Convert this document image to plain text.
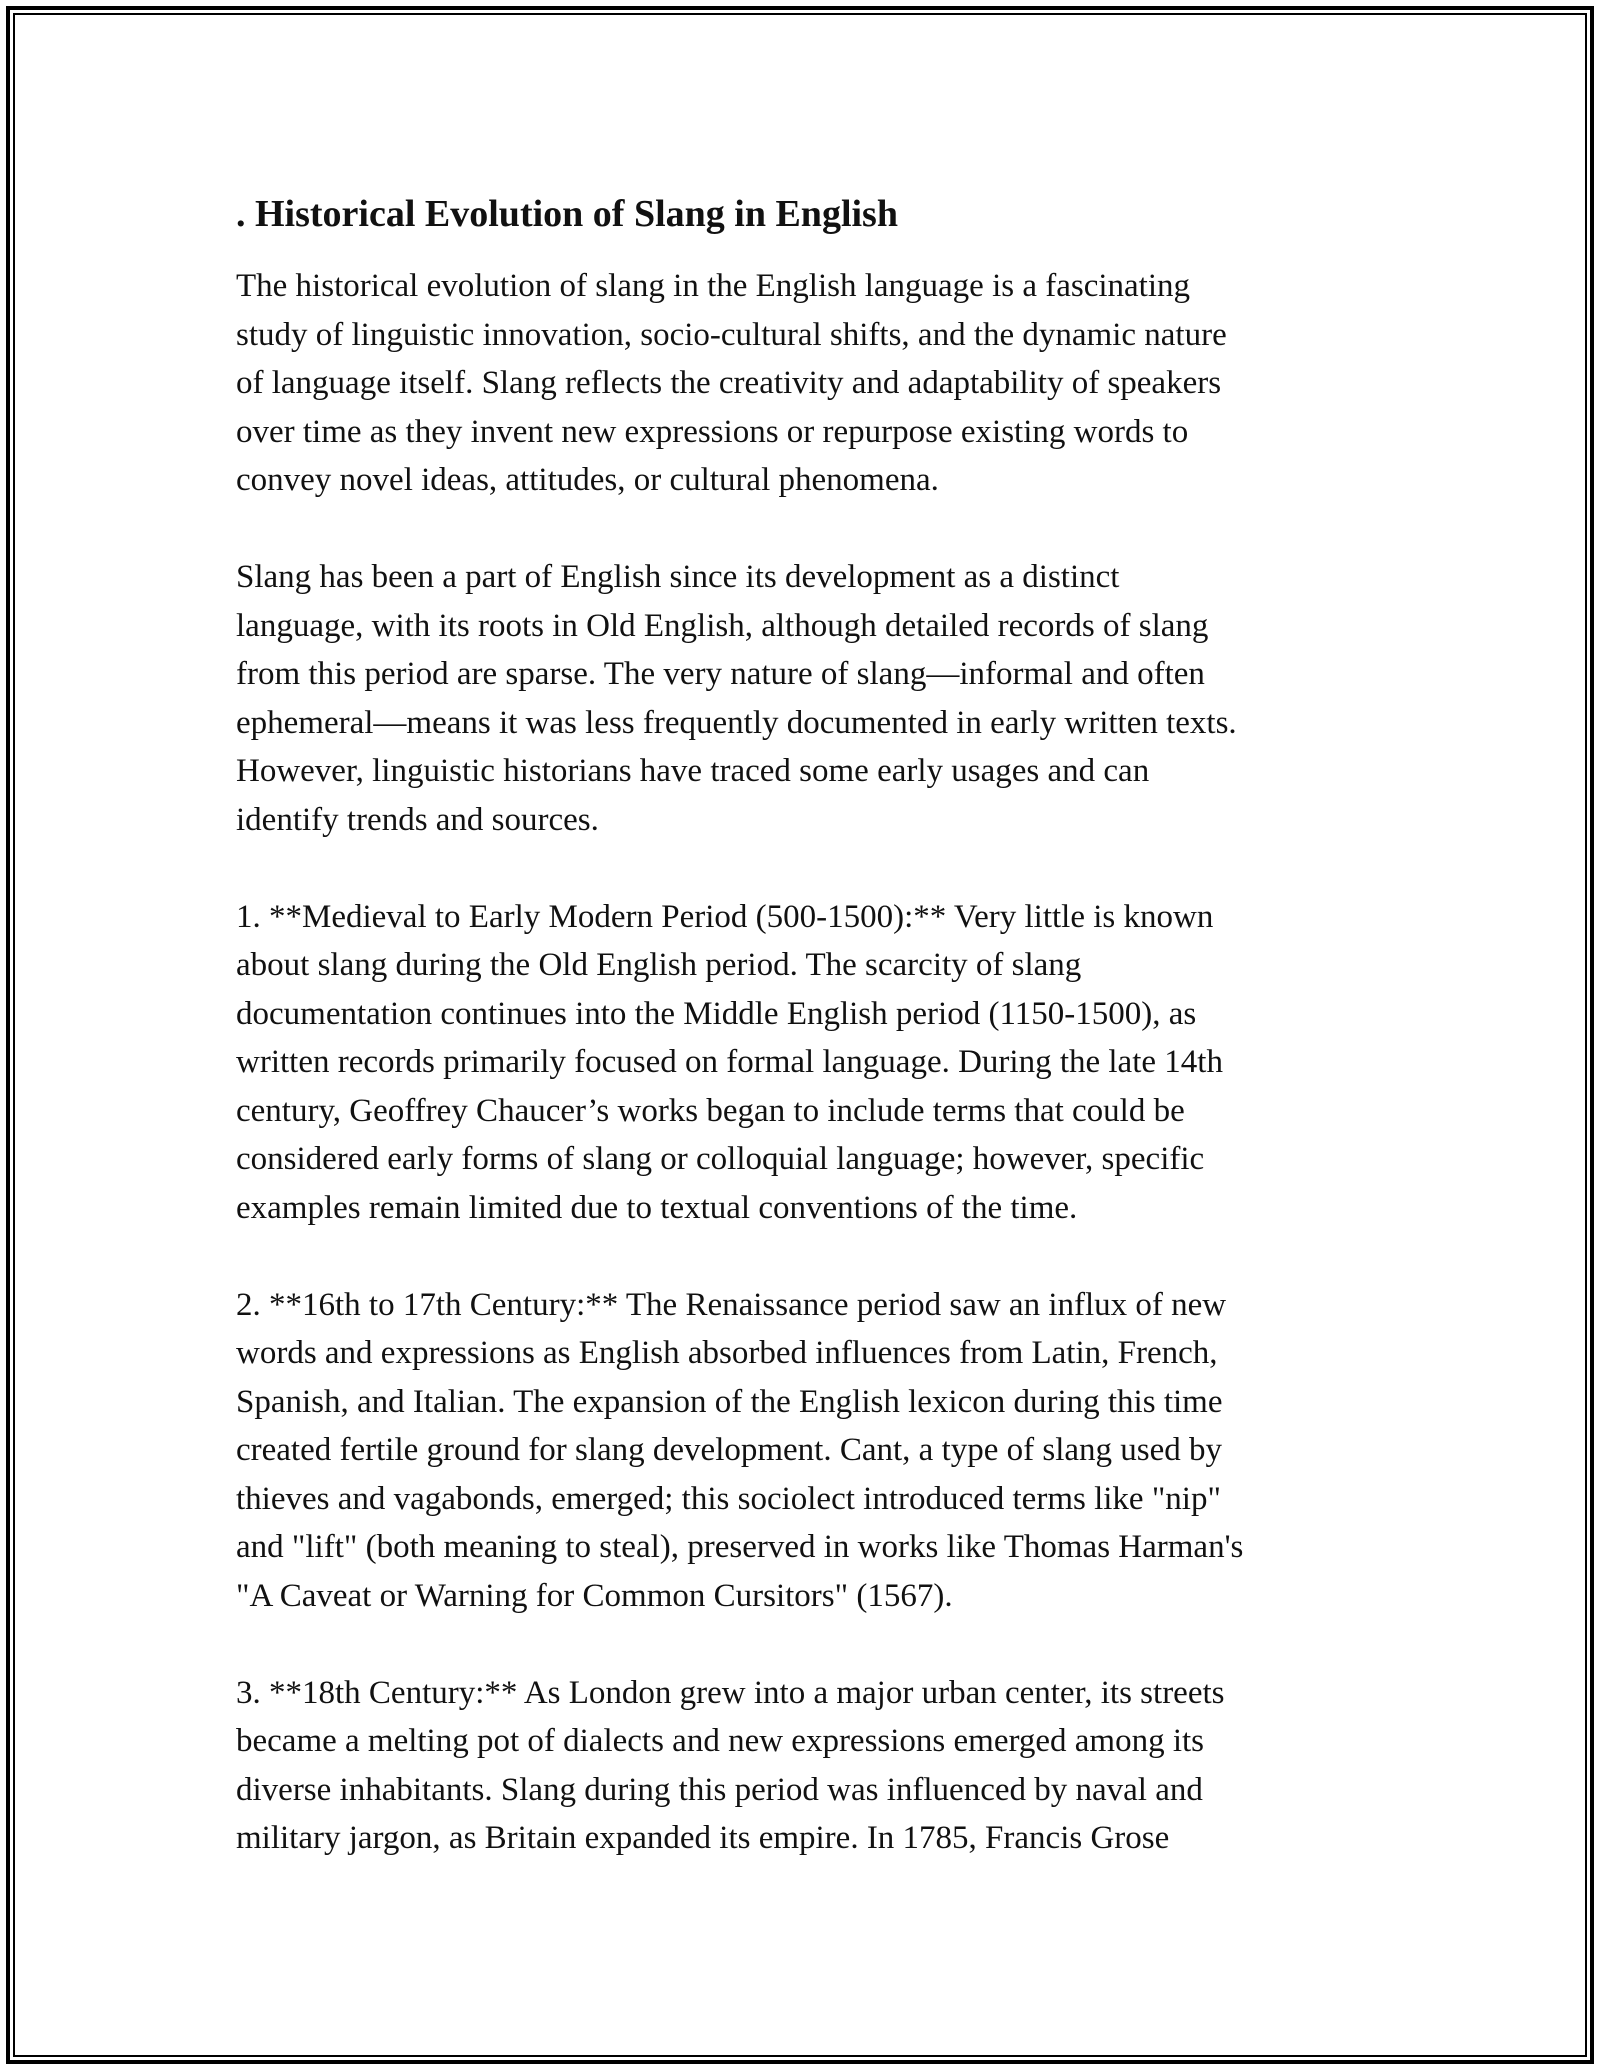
. Historical Evolution of Slang in English

The historical evolution of slang in the English language is a fascinating
study of linguistic innovation, socio-cultural shifts, and the dynamic nature
of language itself. Slang reflects the creativity and adaptability of speakers
over time as they invent new expressions or repurpose existing words to
convey novel ideas, attitudes, or cultural phenomena.

Slang has been a part of English since its development as a distinct
language, with its roots in Old English, although detailed records of slang
from this period are sparse. The very nature of slang—informal and often
ephemeral—means it was less frequently documented in early written texts.
However, linguistic historians have traced some early usages and can
identify trends and sources.

1. **Medieval to Early Modern Period (500-1500):** Very little is known
about slang during the Old English period. The scarcity of slang
documentation continues into the Middle English period (1150-1500), as
written records primarily focused on formal language. During the late 14th
century, Geoffrey Chaucer’s works began to include terms that could be
considered early forms of slang or colloquial language; however, specific
examples remain limited due to textual conventions of the time.

2. **16th to 17th Century:** The Renaissance period saw an influx of new
words and expressions as English absorbed influences from Latin, French,
Spanish, and Italian. The expansion of the English lexicon during this time
created fertile ground for slang development. Cant, a type of slang used by
thieves and vagabonds, emerged; this sociolect introduced terms like "nip"
and "lift" (both meaning to steal), preserved in works like Thomas Harman's
"A Caveat or Warning for Common Cursitors" (1567).

3. **18th Century:** As London grew into a major urban center, its streets
became a melting pot of dialects and new expressions emerged among its
diverse inhabitants. Slang during this period was influenced by naval and
military jargon, as Britain expanded its empire. In 1785, Francis Grose
